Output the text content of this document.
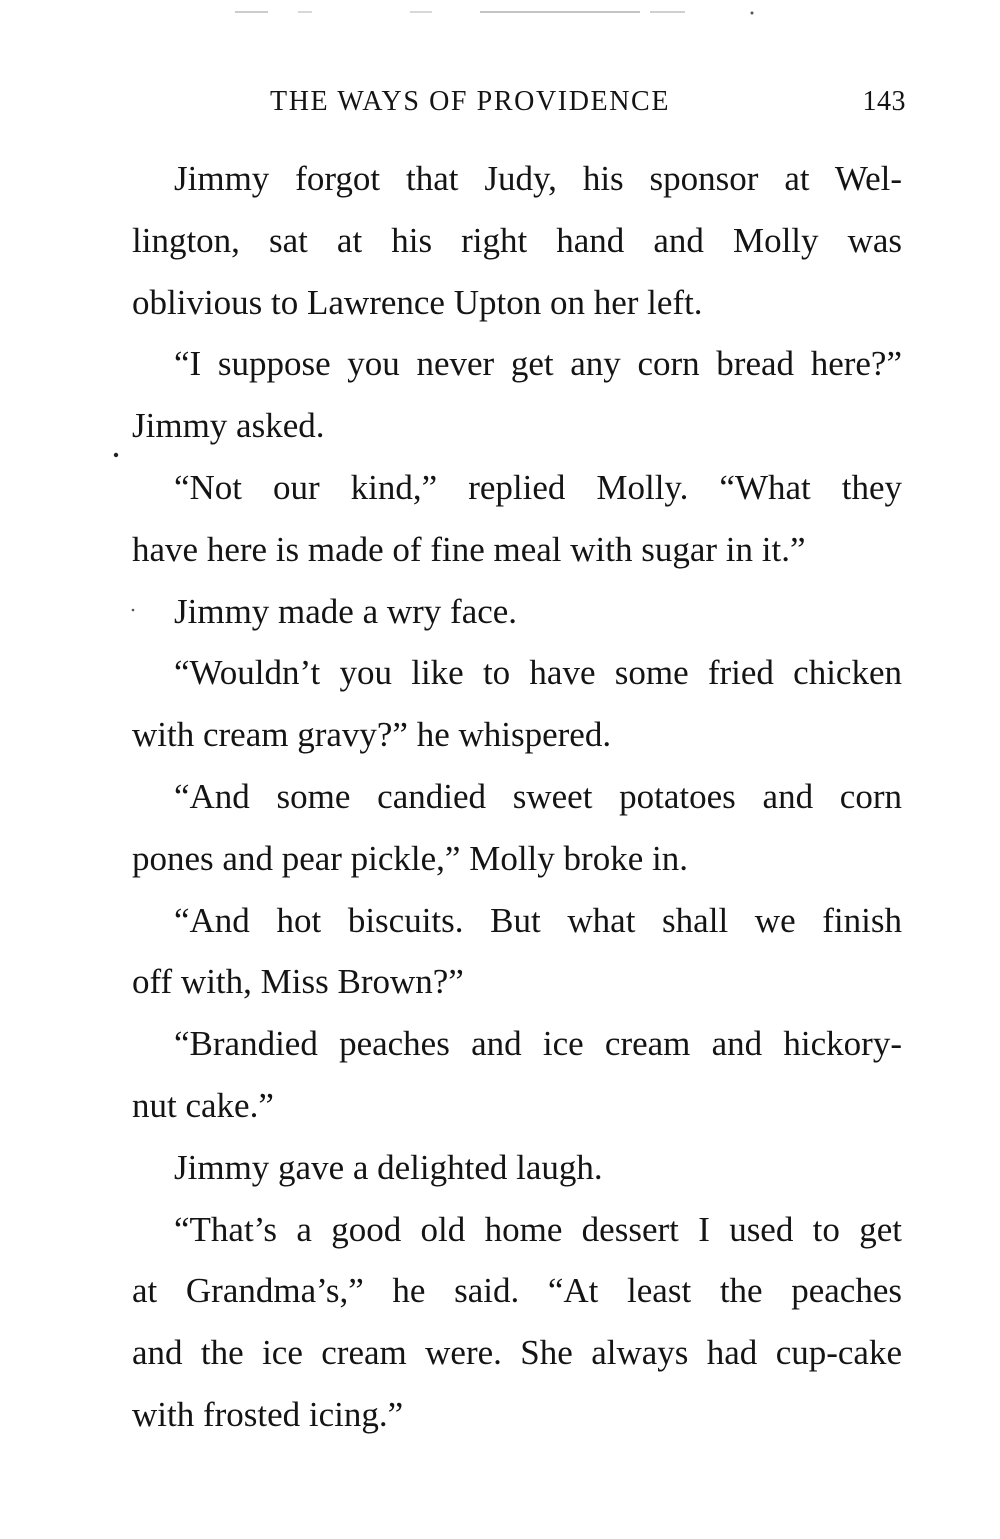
THE WAYS OF PROVIDENCE	143
Jimmy forgot that Judy, his sponsor at Wel-
lington, sat at his right hand and Molly was
oblivious to Lawrence Upton on her left.
“I suppose you never get any corn bread here?”
Jimmy asked.
“Not our kind,” replied Molly. “What they
have here is made of fine meal with sugar in it.”
Jimmy made a wry face.
“Wouldn’t you like to have some fried chicken
with cream gravy?” he whispered.
“And some candied sweet potatoes and corn
pones and pear pickle,” Molly broke in.
“And hot biscuits. But what shall we finish
off with, Miss Brown?”
“Brandied peaches and ice cream and hickory-
nut cake.”
Jimmy gave a delighted laugh.
“That’s a good old home dessert I used to get
at Grandma’s,” he said. “At least the peaches
and the ice cream were. She always had cup-cake
with frosted icing.”
